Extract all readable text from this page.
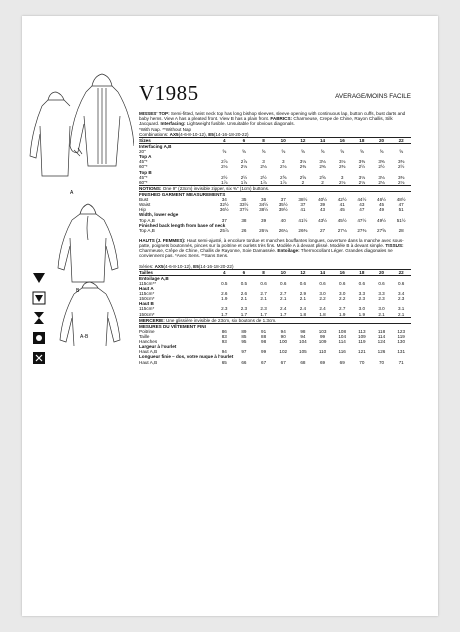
A
B
A-B
V1985	AVERAGE/MOINS FACILE

MISSES' TOP: Semi-fitted, twist neck top has long bishop sleeves, sleeve opening with continuous lap, button cuffs, bust darts and baby hems. View A has a pleated front. View B has a plain front. FABRICS: Charmeuse, Crepe de Chine, Rayon Challis, Silk Jacquard. Interfacing: Lightweight fusible. Unsuitable for obvious diagonals.

*With Nap. **Without Nap

Combinations: AX5(4-6-8-10-12), E5(14-16-18-20-22)

Sizes	4	6	8	10	12	14	16	18	20	22
Interfacing A,B										
20"	⅝	⅝	⅝	⅝	⅝	⅝	⅝	⅝	⅝	⅝
Top A										
45"*	2⅞	2⅞	3	3	3⅛	3⅛	3⅛	3⅜	3⅜	3⅜
60"*	2⅛	2⅛	2⅛	2⅛	2⅜	2⅜	2⅜	2½	2½	2½
Top B										
45"*	2½	2½	2½	2⅝	2⅝	2⅝	3	3⅛	3⅛	3⅜
60"*	1⅞	1⅞	1⅞	1⅞	2	2	2⅛	2⅛	2⅛	2⅛

NOTIONS: One 9" (23cm) invisible zipper, six ⅜" (1cm) buttons.

FINISHED GARMENT MEASUREMENTS										
Bust	34	35	36	37	38½	40½	42½	44½	46½	48½
Waist	32½	33½	34½	35½	37	39	41	43	45	47
Hip	36½	37½	38½	39½	41	43	45	47	49	51
Width, lower edge										
Top A,B	37	38	39	40	41½	43½	45½	47½	49½	51½
Finished back length from base of neck										
Top A,B	25⅞	26	26⅛	26¼	26⅜	27	27⅛	27⅜	27⅝	28

HAUTS (J. FEMMES): Haut semi-ajusté, à encolure tordue et manches bouffantes longues, ouverture dans la manche avec sous-patte, poignets boutonnés, pinces sur la poitrine et ourlets très fins. Modèle A à devant plissé. Modèle B à devant simple. TISSUS: Charmeuse, Crêpe de Chine, Challis de Rayonne, Soie Damassée. Entoilage: Thermocollant Léger. Grandes diagonales ne conviennent pas. *Avec Sens. **Sans Sens.

Séries: AX5(4-6-8-10-12), E5(14-16-18-20-22)

Tailles	4	6	8	10	12	14	16	18	20	22
Entoilage A,B										
115cm**	0.5	0.5	0.6	0.6	0.6	0.6	0.6	0.6	0.6	0.6
Haut A										
115cm*	2.6	2.6	2.7	2.7	2.9	3.0	3.0	3.3	3.3	3.4
150cm*	1.9	2.1	2.1	2.1	2.1	2.2	2.2	2.3	2.3	2.3
Haut B										
115cm*	2.3	2.3	2.3	2.4	2.4	2.4	2.7	3.0	3.0	3.1
150cm*	1.7	1.7	1.7	1.7	1.8	1.8	1.9	1.9	2.1	2.1

MERCERIE: Une glissière invisible de 23cm, six boutons de 1.3cm.

MESURES DU VÊTEMENT FINI										
Poitrine	86	89	91	94	98	103	108	113	118	123
Taille	83	85	88	90	94	99	104	109	114	119
Hanches	93	95	98	100	104	109	114	119	124	130
Largeur à l'ourlet										
Haut A,B	94	97	99	102	105	110	116	121	126	131
Longueur finie – dos, votre nuque à l'ourlet										
Haut A,B	65	66	67	67	68	69	69	70	70	71
